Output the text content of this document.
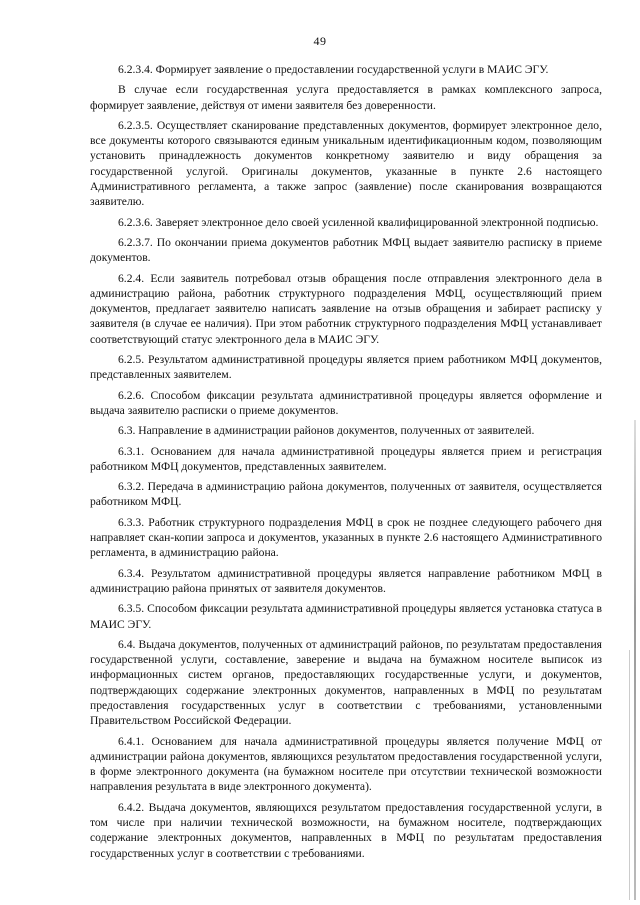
49

6.2.3.4. Формирует заявление о предоставлении государственной услуги в МАИС ЭГУ.

В случае если государственная услуга предоставляется в рамках комплексного запроса, формирует заявление, действуя от имени заявителя без доверенности.

6.2.3.5. Осуществляет сканирование представленных документов, формирует электронное дело, все документы которого связываются единым уникальным идентификационным кодом, позволяющим установить принадлежность документов конкретному заявителю и виду обращения за государственной услугой. Оригиналы документов, указанные в пункте 2.6 настоящего Административного регламента, а также запрос (заявление) после сканирования возвращаются заявителю.

6.2.3.6. Заверяет электронное дело своей усиленной квалифицированной электронной подписью.

6.2.3.7. По окончании приема документов работник МФЦ выдает заявителю расписку в приеме документов.

6.2.4. Если заявитель потребовал отзыв обращения после отправления электронного дела в администрацию района, работник структурного подразделения МФЦ, осуществляющий прием документов, предлагает заявителю написать заявление на отзыв обращения и забирает расписку у заявителя (в случае ее наличия). При этом работник структурного подразделения МФЦ устанавливает соответствующий статус электронного дела в МАИС ЭГУ.

6.2.5. Результатом административной процедуры является прием работником МФЦ документов, представленных заявителем.

6.2.6. Способом фиксации результата административной процедуры является оформление и выдача заявителю расписки о приеме документов.

6.3. Направление в администрации районов документов, полученных от заявителей.

6.3.1. Основанием для начала административной процедуры является прием и регистрация работником МФЦ документов, представленных заявителем.

6.3.2. Передача в администрацию района документов, полученных от заявителя, осуществляется работником МФЦ.

6.3.3. Работник структурного подразделения МФЦ в срок не позднее следующего рабочего дня направляет скан-копии запроса и документов, указанных в пункте 2.6 настоящего Административного регламента, в администрацию района.

6.3.4. Результатом административной процедуры является направление работником МФЦ в администрацию района принятых от заявителя документов.

6.3.5. Способом фиксации результата административной процедуры является установка статуса в МАИС ЭГУ.

6.4. Выдача документов, полученных от администраций районов, по результатам предоставления государственной услуги, составление, заверение и выдача на бумажном носителе выписок из информационных систем органов, предоставляющих государственные услуги, и документов, подтверждающих содержание электронных документов, направленных в МФЦ по результатам предоставления государственных услуг в соответствии с требованиями, установленными Правительством Российской Федерации.

6.4.1. Основанием для начала административной процедуры является получение МФЦ от администрации района документов, являющихся результатом предоставления государственной услуги, в форме электронного документа (на бумажном носителе при отсутствии технической возможности направления результата в виде электронного документа).

6.4.2. Выдача документов, являющихся результатом предоставления государственной услуги, в том числе при наличии технической возможности, на бумажном носителе, подтверждающих содержание электронных документов, направленных в МФЦ по результатам предоставления государственных услуг в соответствии с требованиями.
